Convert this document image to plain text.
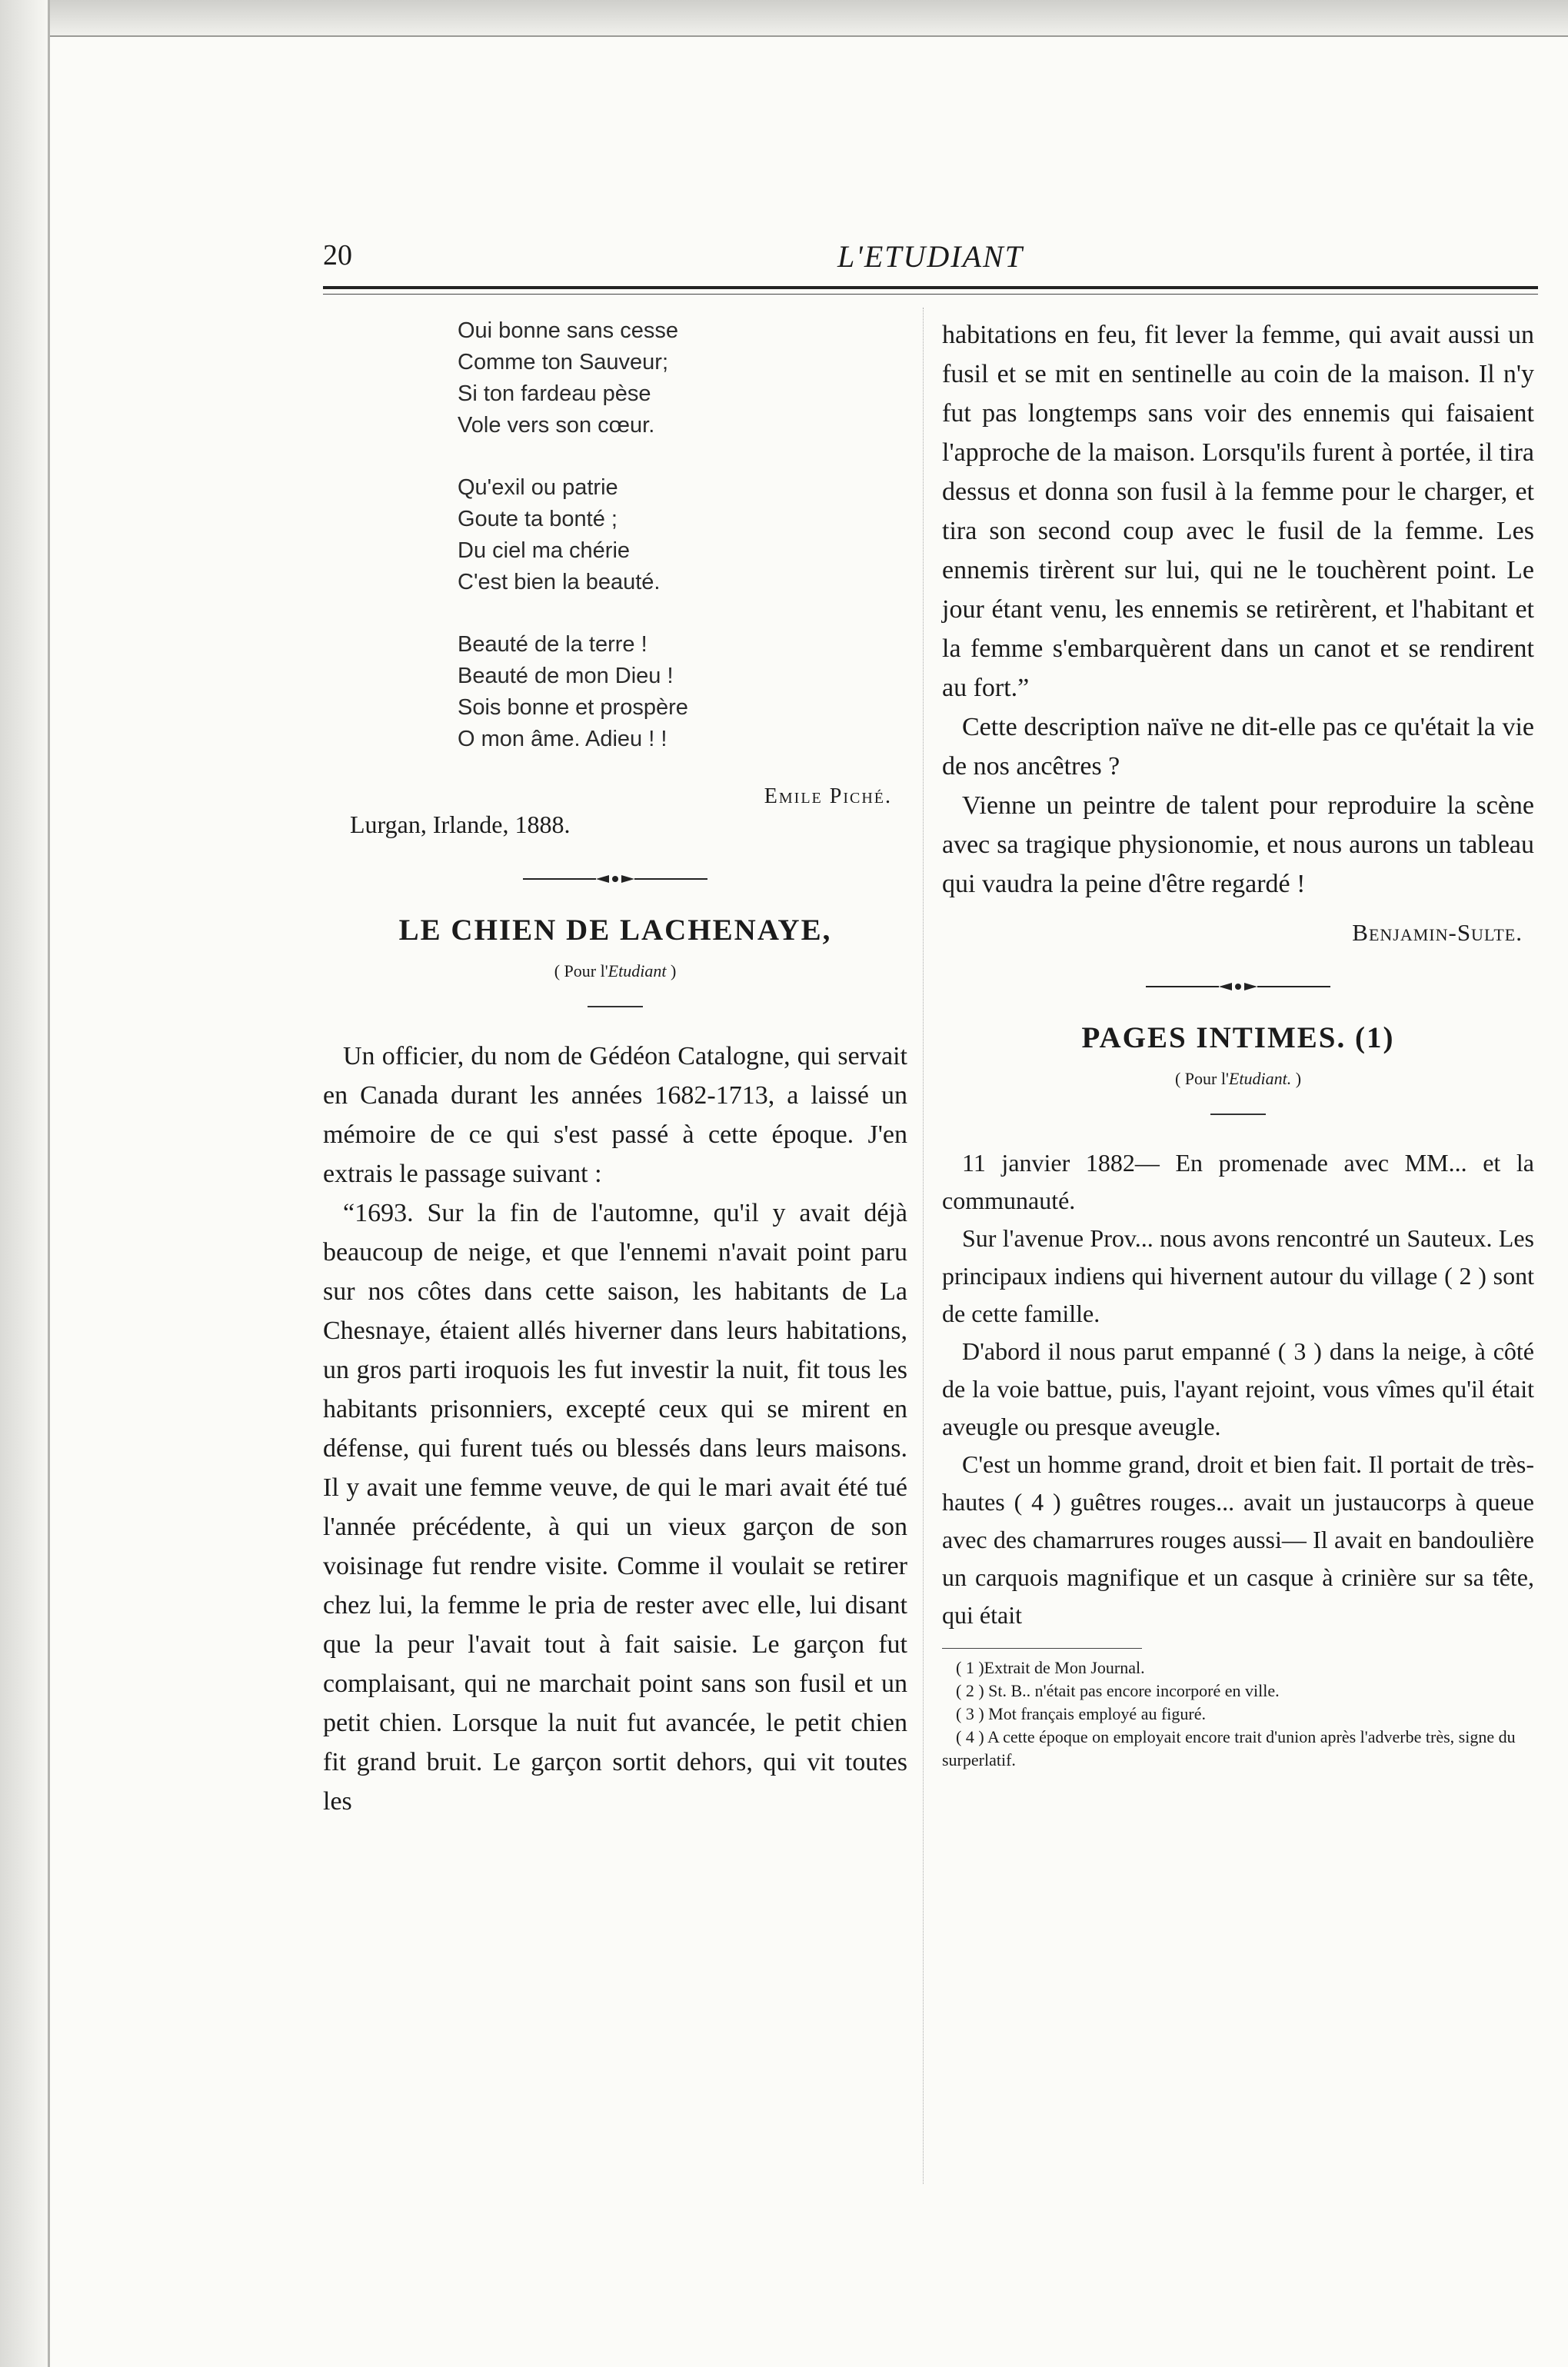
20	L'ETUDIANT
Oui bonne sans cesse
Comme ton Sauveur;
Si ton fardeau pèse
Vole vers son cœur.
Qu'exil ou patrie
Goute ta bonté ;
Du ciel ma chérie
C'est bien la beauté.
Beauté de la terre !
Beauté de mon Dieu !
Sois bonne et prospère
O mon âme. Adieu ! !
Emile Piché.
Lurgan, Irlande, 1888.
LE CHIEN DE LACHENAYE,
( Pour l'Etudiant )

Un officier, du nom de Gédéon Catalogne, qui servait en Canada durant les années 1682-1713, a laissé un mémoire de ce qui s'est passé à cette époque. J'en extrais le passage suivant :

“1693. Sur la fin de l'automne, qu'il y avait déjà beaucoup de neige, et que l'ennemi n'avait point paru sur nos côtes dans cette saison, les habitants de La Chesnaye, étaient allés hiverner dans leurs habitations, un gros parti iroquois les fut investir la nuit, fit tous les habitants prisonniers, excepté ceux qui se mirent en défense, qui furent tués ou blessés dans leurs maisons. Il y avait une femme veuve, de qui le mari avait été tué l'année précédente, à qui un vieux garçon de son voisinage fut rendre visite. Comme il voulait se retirer chez lui, la femme le pria de rester avec elle, lui disant que la peur l'avait tout à fait saisie. Le garçon fut complaisant, qui ne marchait point sans son fusil et un petit chien. Lorsque la nuit fut avancée, le petit chien fit grand bruit. Le garçon sortit dehors, qui vit toutes les

habitations en feu, fit lever la femme, qui avait aussi un fusil et se mit en sentinelle au coin de la maison. Il n'y fut pas longtemps sans voir des ennemis qui faisaient l'approche de la maison. Lorsqu'ils furent à portée, il tira dessus et donna son fusil à la femme pour le charger, et tira son second coup avec le fusil de la femme. Les ennemis tirèrent sur lui, qui ne le touchèrent point. Le jour étant venu, les ennemis se retirèrent, et l'habitant et la femme s'embarquèrent dans un canot et se rendirent au fort.”

Cette description naïve ne dit-elle pas ce qu'était la vie de nos ancêtres ?

Vienne un peintre de talent pour reproduire la scène avec sa tragique physionomie, et nous aurons un tableau qui vaudra la peine d'être regardé !

Benjamin-Sulte.
PAGES INTIMES. (1)
( Pour l'Etudiant. )

11 janvier 1882— En promenade avec MM... et la communauté.

Sur l'avenue Prov... nous avons rencontré un Sauteux. Les principaux indiens qui hivernent autour du village ( 2 ) sont de cette famille.

D'abord il nous parut empanné ( 3 ) dans la neige, à côté de la voie battue, puis, l'ayant rejoint, vous vîmes qu'il était aveugle ou presque aveugle.

C'est un homme grand, droit et bien fait. Il portait de très-hautes ( 4 ) guêtres rouges... avait un justaucorps à queue avec des chamarrures rouges aussi— Il avait en bandoulière un carquois magnifique et un casque à crinière sur sa tête, qui était

( 1 )Extrait de Mon Journal.
( 2 ) St. B.. n'était pas encore incorporé en ville.
( 3 ) Mot français employé au figuré.
( 4 ) A cette époque on employait encore trait d'union après l'adverbe très, signe du surperlatif.
